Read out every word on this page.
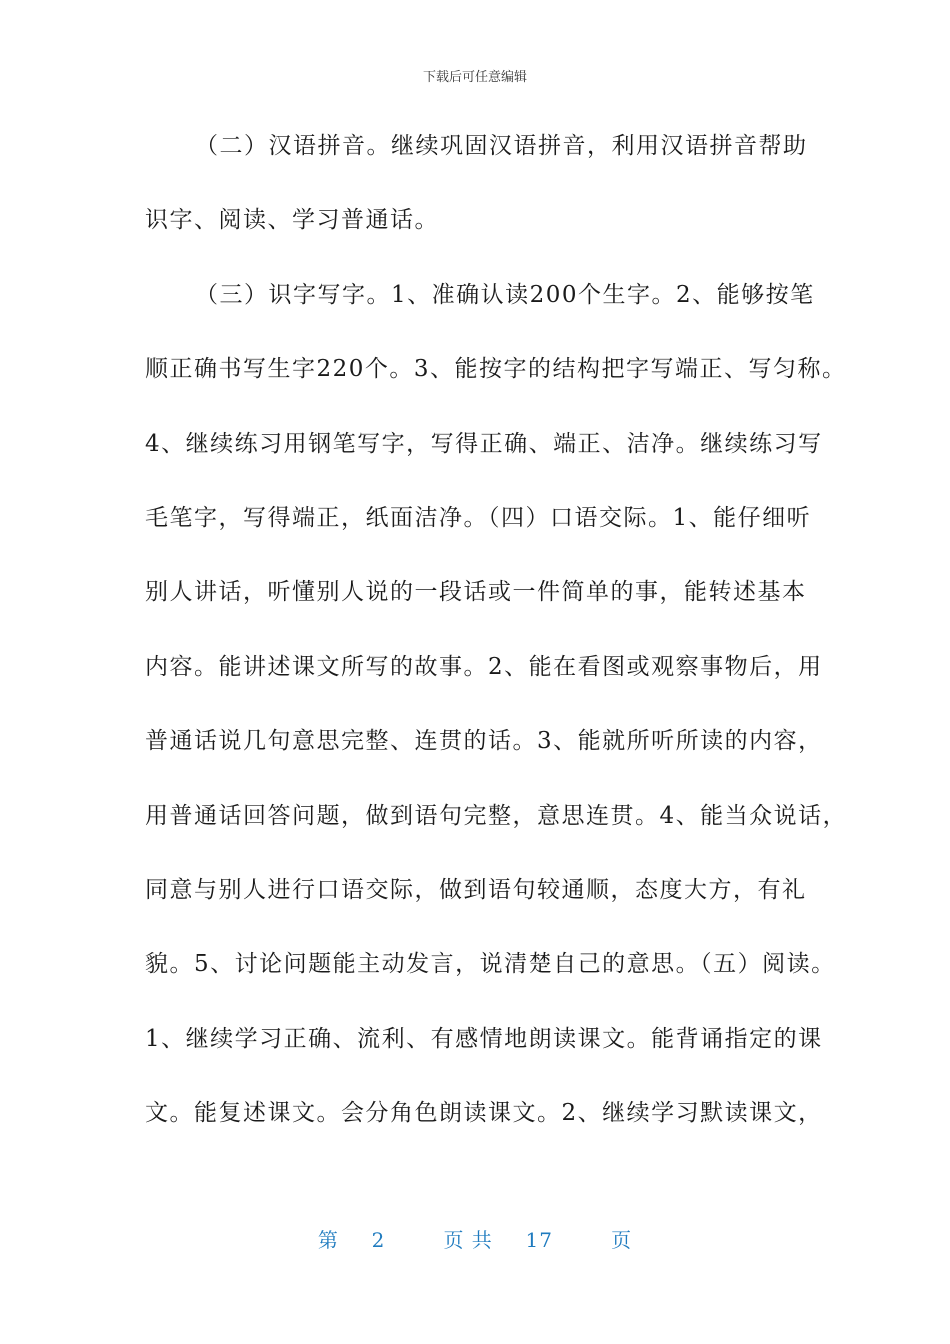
下载后可任意编辑
（二）汉语拼音。继续巩固汉语拼音，利用汉语拼音帮助
识字、阅读、学习普通话。
（三）识字写字。1、准确认读200个生字。2、能够按笔
顺正确书写生字220个。3、能按字的结构把字写端正、写匀称。
4、继续练习用钢笔写字，写得正确、端正、洁净。继续练习写
毛笔字，写得端正，纸面洁净。（四）口语交际。1、能仔细听
别人讲话，听懂别人说的一段话或一件简单的事，能转述基本
内容。能讲述课文所写的故事。2、能在看图或观察事物后，用
普通话说几句意思完整、连贯的话。3、能就所听所读的内容，
用普通话回答问题，做到语句完整，意思连贯。4、能当众说话，
同意与别人进行口语交际，做到语句较通顺，态度大方，有礼
貌。5、讨论问题能主动发言，说清楚自己的意思。（五）阅读。
1、继续学习正确、流利、有感情地朗读课文。能背诵指定的课
文。能复述课文。会分角色朗读课文。2、继续学习默读课文，
第 2	页 共 17	页
